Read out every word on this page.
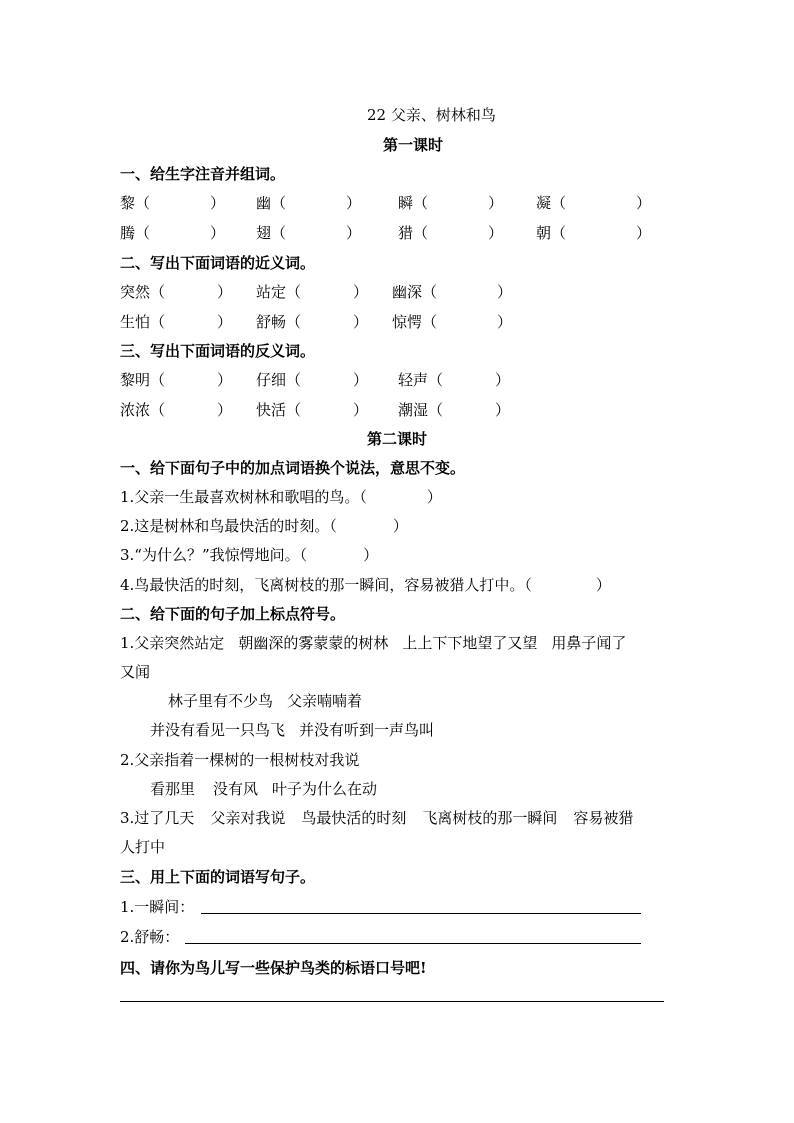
22 父亲、树林和鸟
第一课时
一、给生字注音并组词。
黎（	） 幽（	） 瞬（	） 凝（	）
腾（	） 翅（	） 猎（	） 朝（	）
二、写出下面词语的近义词。
突然（	） 站定（	） 幽深（	）
生怕（	） 舒畅（	） 惊愕（	）
三、写出下面词语的反义词。
黎明（	） 仔细（	） 轻声（	）
浓浓（	） 快活（	） 潮湿（	）
第二课时
一、给下面句子中的加点词语换个说法，意思不变。
1.父亲一生最喜欢树林和歌唱的鸟。（	）
2.这是树林和鸟最快活的时刻。（	）
3.“为什么？”我惊愕地问。（	）
4.鸟最快活的时刻，飞离树枝的那一瞬间，容易被猎人打中。（	）
二、给下面的句子加上标点符号。
1.父亲突然站定 朝幽深的雾蒙蒙的树林 上上下下地望了又望 用鼻子闻了
又闻
林子里有不少鸟 父亲喃喃着
并没有看见一只鸟飞 并没有听到一声鸟叫
2.父亲指着一棵树的一根树枝对我说
看那里 没有风 叶子为什么在动
3.过了几天 父亲对我说 鸟最快活的时刻 飞离树枝的那一瞬间 容易被猎
人打中
三、用上下面的词语写句子。
1.一瞬间：
2.舒畅：
四、请你为鸟儿写一些保护鸟类的标语口号吧!
